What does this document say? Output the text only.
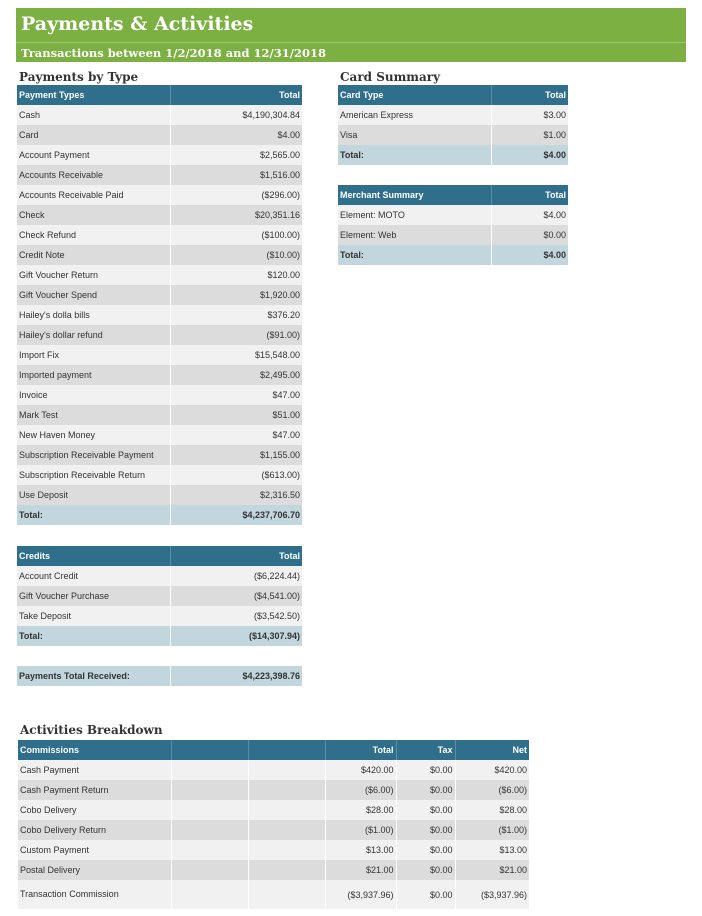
Payments & Activities
Transactions between 1/2/2018 and 12/31/2018
Payments by Type
Payment Types	Total
Cash	$4,190,304.84
Card	$4.00
Account Payment	$2,565.00
Accounts Receivable	$1,516.00
Accounts Receivable Paid	($296.00)
Check	$20,351.16
Check Refund	($100.00)
Credit Note	($10.00)
Gift Voucher Return	$120.00
Gift Voucher Spend	$1,920.00
Hailey's dolla bills	$376.20
Hailey's dollar refund	($91.00)
Import Fix	$15,548.00
Imported payment	$2,495.00
Invoice	$47.00
Mark Test	$51.00
New Haven Money	$47.00
Subscription Receivable Payment	$1,155.00
Subscription Receivable Return	($613.00)
Use Deposit	$2,316.50
Total:	$4,237,706.70
Credits	Total
Account Credit	($6,224.44)
Gift Voucher Purchase	($4,541.00)
Take Deposit	($3,542.50)
Total:	($14,307.94)
Payments Total Received:	$4,223,398.76
Card Summary
Card Type	Total
American Express	$3.00
Visa	$1.00
Total:	$4.00
Merchant Summary	Total
Element: MOTO	$4.00
Element: Web	$0.00
Total:	$4.00
Activities Breakdown
Commissions			Total	Tax	Net
Cash Payment			$420.00	$0.00	$420.00
Cash Payment Return			($6.00)	$0.00	($6.00)
Cobo Delivery			$28.00	$0.00	$28.00
Cobo Delivery Return			($1.00)	$0.00	($1.00)
Custom Payment			$13.00	$0.00	$13.00
Postal Delivery			$21.00	$0.00	$21.00
Transaction Commission			($3,937.96)	$0.00	($3,937.96)
